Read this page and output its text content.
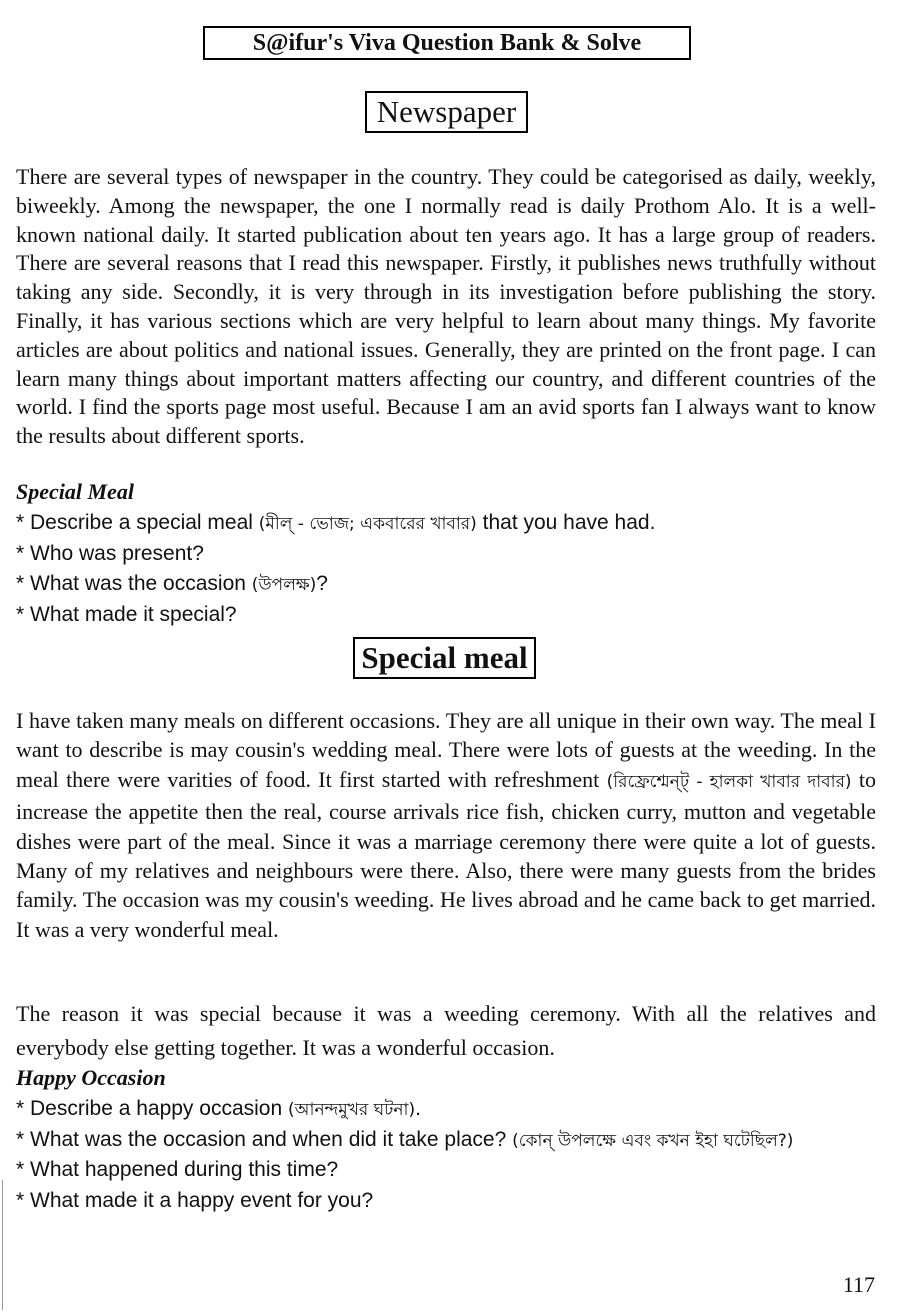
S@ifur's Viva Question Bank & Solve
Newspaper

There are several types of newspaper in the country. They could be categorised as daily, weekly, biweekly. Among the newspaper, the one I normally read is daily Prothom Alo. It is a well-known national daily. It started publication about ten years ago. It has a large group of readers. There are several reasons that I read this newspaper. Firstly, it publishes news truthfully without taking any side. Secondly, it is very through in its investigation before publishing the story. Finally, it has various sections which are very helpful to learn about many things. My favorite articles are about politics and national issues. Generally, they are printed on the front page. I can learn many things about important matters affecting our country, and different countries of the world. I find the sports page most useful. Because I am an avid sports fan I always want to know the results about different sports.

Special Meal
* Describe a special meal (মীল্ - ভোজ; একবারের খাবার) that you have had.
* Who was present?
* What was the occasion (উপলক্ষ)?
* What made it special?
Special meal

I have taken many meals on different occasions. They are all unique in their own way. The meal I want to describe is may cousin's wedding meal. There were lots of guests at the weeding. In the meal there were varities of food. It first started with refreshment (রিফ্রেশ্মেন্ট্ - হালকা খাবার দাবার) to increase the appetite then the real, course arrivals rice fish, chicken curry, mutton and vegetable dishes were part of the meal. Since it was a marriage ceremony there were quite a lot of guests. Many of my relatives and neighbours were there. Also, there were many guests from the brides family. The occasion was my cousin's weeding. He lives abroad and he came back to get married. It was a very wonderful meal.

The reason it was special because it was a weeding ceremony. With all the relatives and everybody else getting together. It was a wonderful occasion.

Happy Occasion
* Describe a happy occasion (আনন্দমুখর ঘটনা).
* What was the occasion and when did it take place? (কোন্ উপলক্ষে এবং কখন ইহা ঘটেছিল?)
* What happened during this time?
* What made it a happy event for you?
117
